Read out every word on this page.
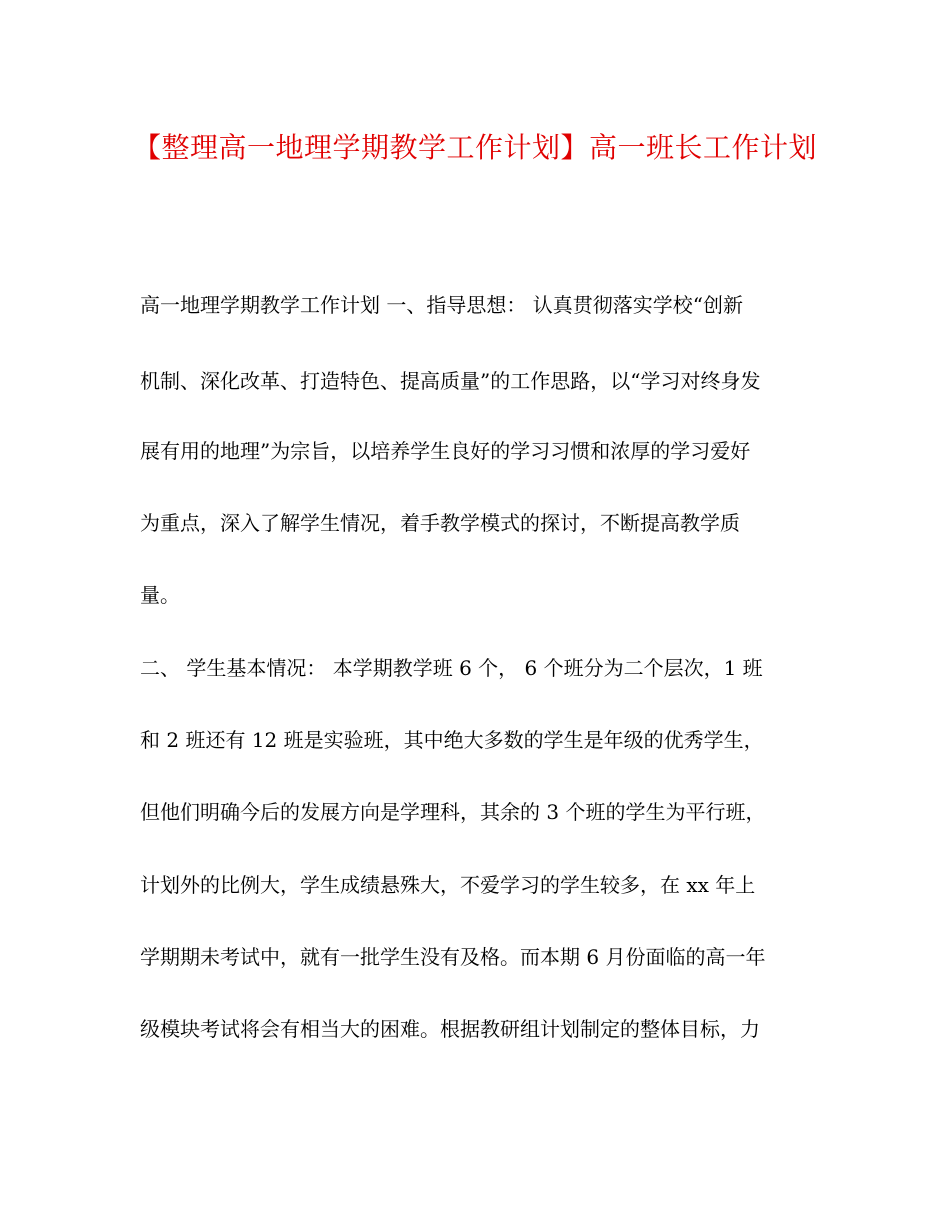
【整理高一地理学期教学工作计划】高一班长工作计划
高一地理学期教学工作计划 一、指导思想： 认真贯彻落实学校“创新
机制、深化改革、打造特色、提高质量”的工作思路，以“学习对终身发
展有用的地理”为宗旨，以培养学生良好的学习习惯和浓厚的学习爱好
为重点，深入了解学生情况，着手教学模式的探讨，不断提高教学质
量。
二、 学生基本情况： 本学期教学班 6 个， 6 个班分为二个层次，1 班
和 2 班还有 12 班是实验班，其中绝大多数的学生是年级的优秀学生，
但他们明确今后的发展方向是学理科，其余的 3 个班的学生为平行班，
计划外的比例大，学生成绩悬殊大，不爱学习的学生较多，在 xx 年上
学期期未考试中，就有一批学生没有及格。而本期 6 月份面临的高一年
级模块考试将会有相当大的困难。根据教研组计划制定的整体目标，力
